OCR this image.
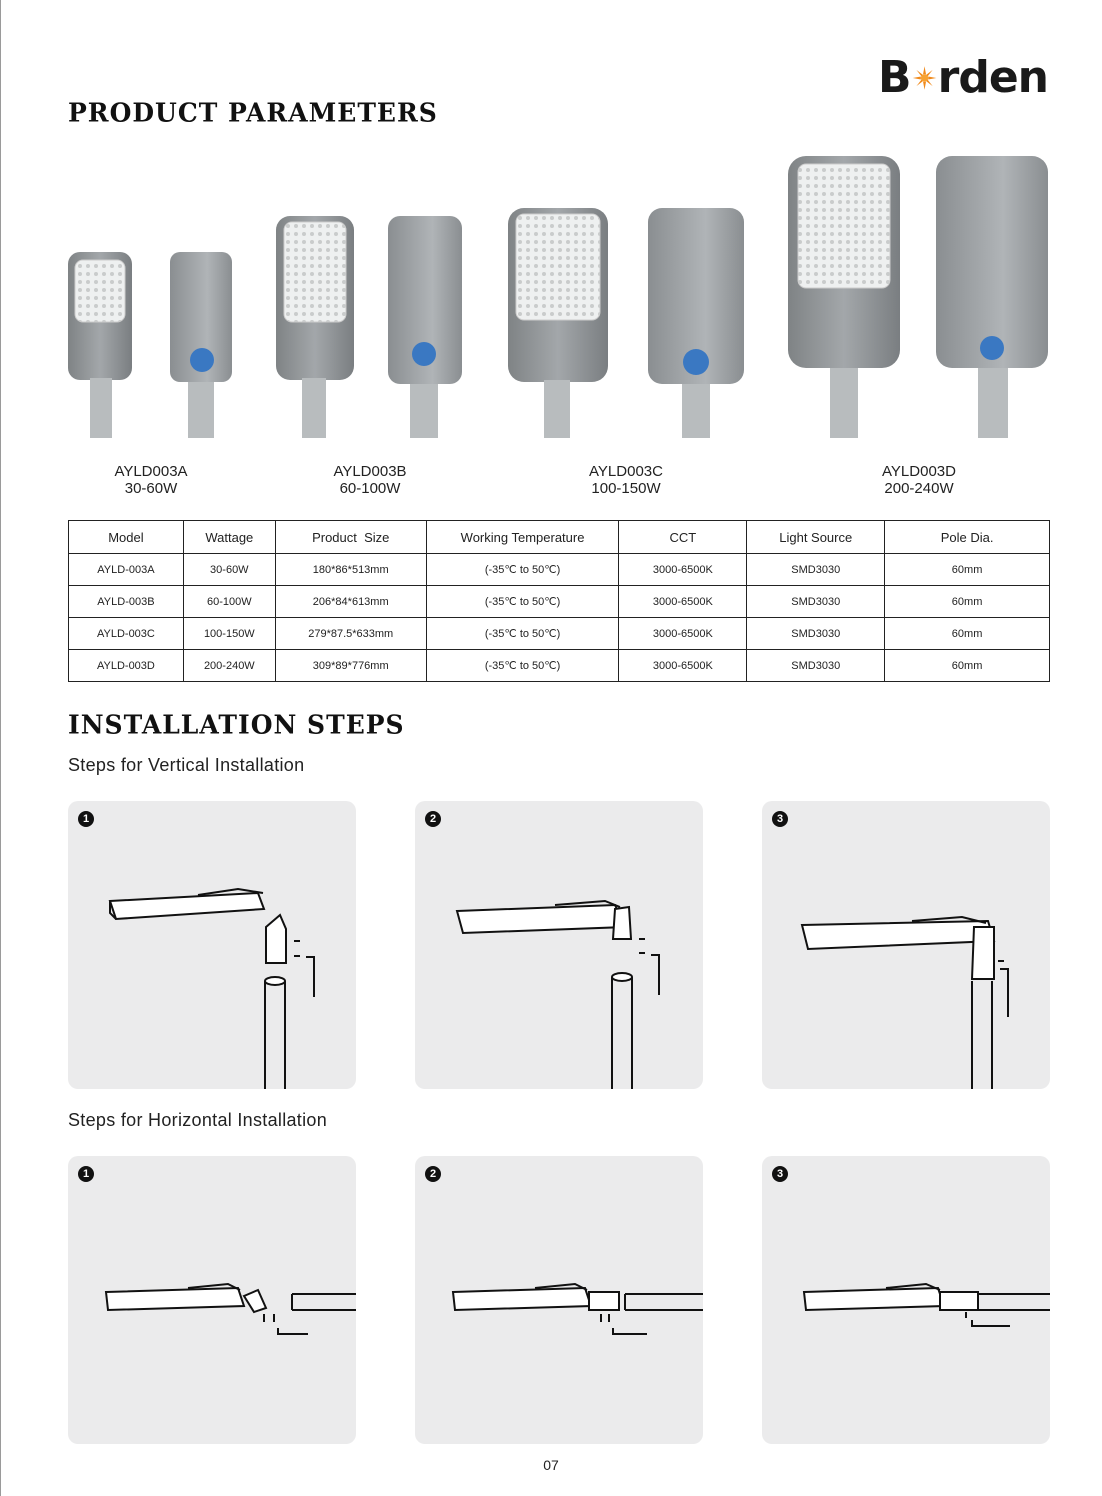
B rden
PRODUCT PARAMETERS
AYLD003A
30-60W
AYLD003B
60-100W
AYLD003C
100-150W
AYLD003D
200-240W
Model	Wattage	Product  Size	Working Temperature	CCT	Light Source	Pole Dia.
AYLD-003A	30-60W	180*86*513mm	(-35℃ to 50℃)	3000-6500K	SMD3030	60mm
AYLD-003B	60-100W	206*84*613mm	(-35℃ to 50℃)	3000-6500K	SMD3030	60mm
AYLD-003C	100-150W	279*87.5*633mm	(-35℃ to 50℃)	3000-6500K	SMD3030	60mm
AYLD-003D	200-240W	309*89*776mm	(-35℃ to 50℃)	3000-6500K	SMD3030	60mm
INSTALLATION STEPS
Steps for Vertical Installation
1	2	3
Steps for Horizontal Installation
1	2	3
07
